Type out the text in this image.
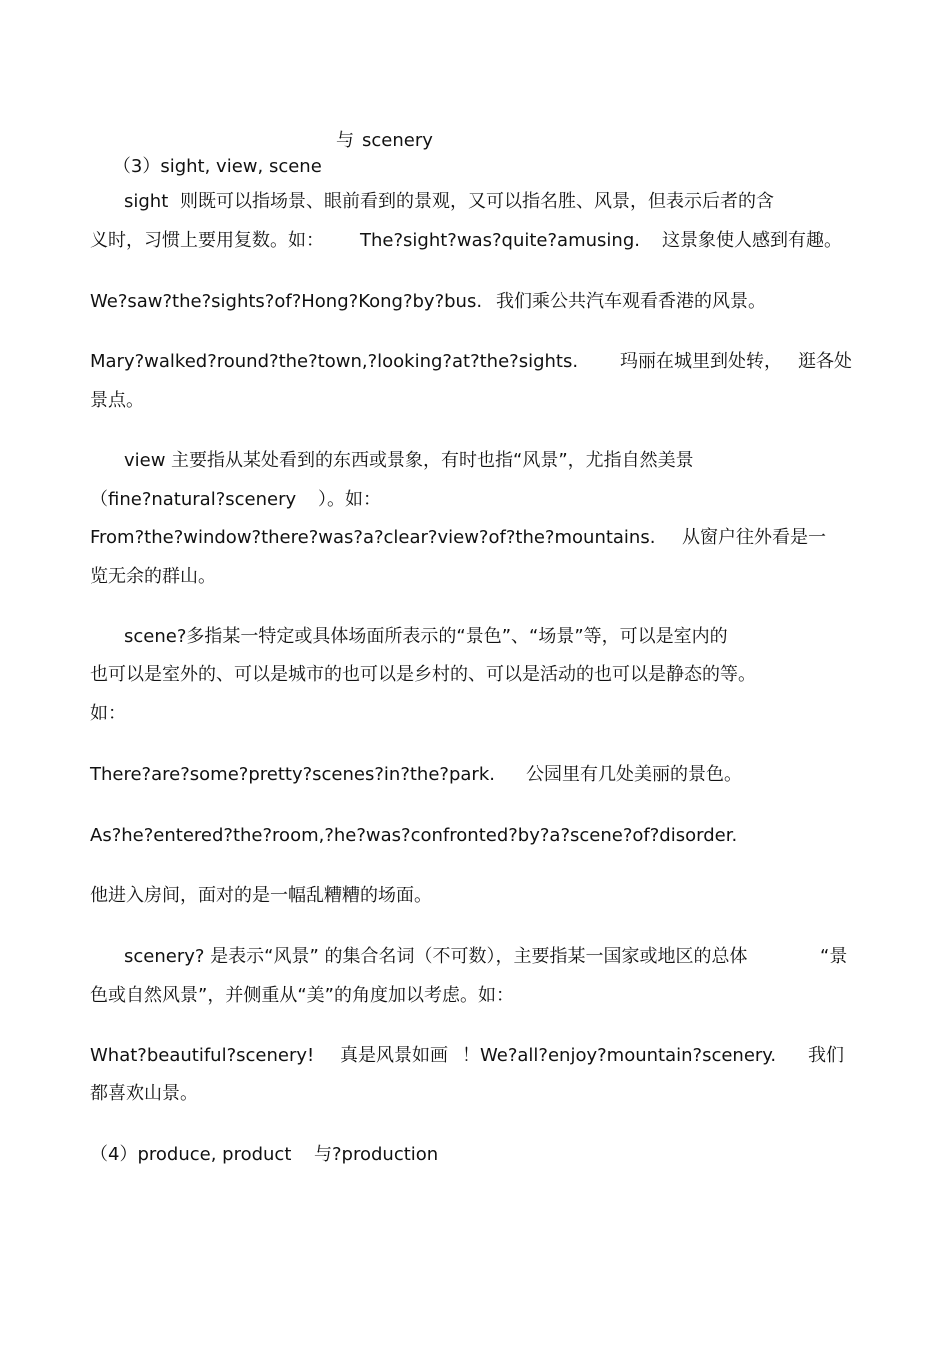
（3）sight, view, scene

与 scenery
sight 则既可以指场景、眼前看到的景观，又可以指名胜、风景，但表示后者的含
义时，习惯上要用复数。如： The?sight?was?quite?amusing. 这景象使人感到有趣。
We?saw?the?sights?of?Hong?Kong?by?bus. 我们乘公共汽车观看香港的风景。
Mary?walked?round?the?town,?looking?at?the?sights. 玛丽在城里到处转， 逛各处
景点。
view 主要指从某处看到的东西或景象，有时也指“风景”，尤指自然美景
（fine?natural?scenery ）。如：
From?the?window?there?was?a?clear?view?of?the?mountains. 从窗户往外看是一
览无余的群山。
scene?多指某一特定或具体场面所表示的“景色”、“场景”等，可以是室内的
也可以是室外的、可以是城市的也可以是乡村的、可以是活动的也可以是静态的等。
如：
There?are?some?pretty?scenes?in?the?park. 公园里有几处美丽的景色。
As?he?entered?the?room,?he?was?confronted?by?a?scene?of?disorder.
他进入房间，面对的是一幅乱糟糟的场面。
scenery? 是表示“风景” 的集合名词（不可数），主要指某一国家或地区的总体	“景
色或自然风景”，并侧重从“美”的角度加以考虑。如：
What?beautiful?scenery! 真是风景如画 ！We?all?enjoy?mountain?scenery. 我们
都喜欢山景。
（4）produce, product 与?production
